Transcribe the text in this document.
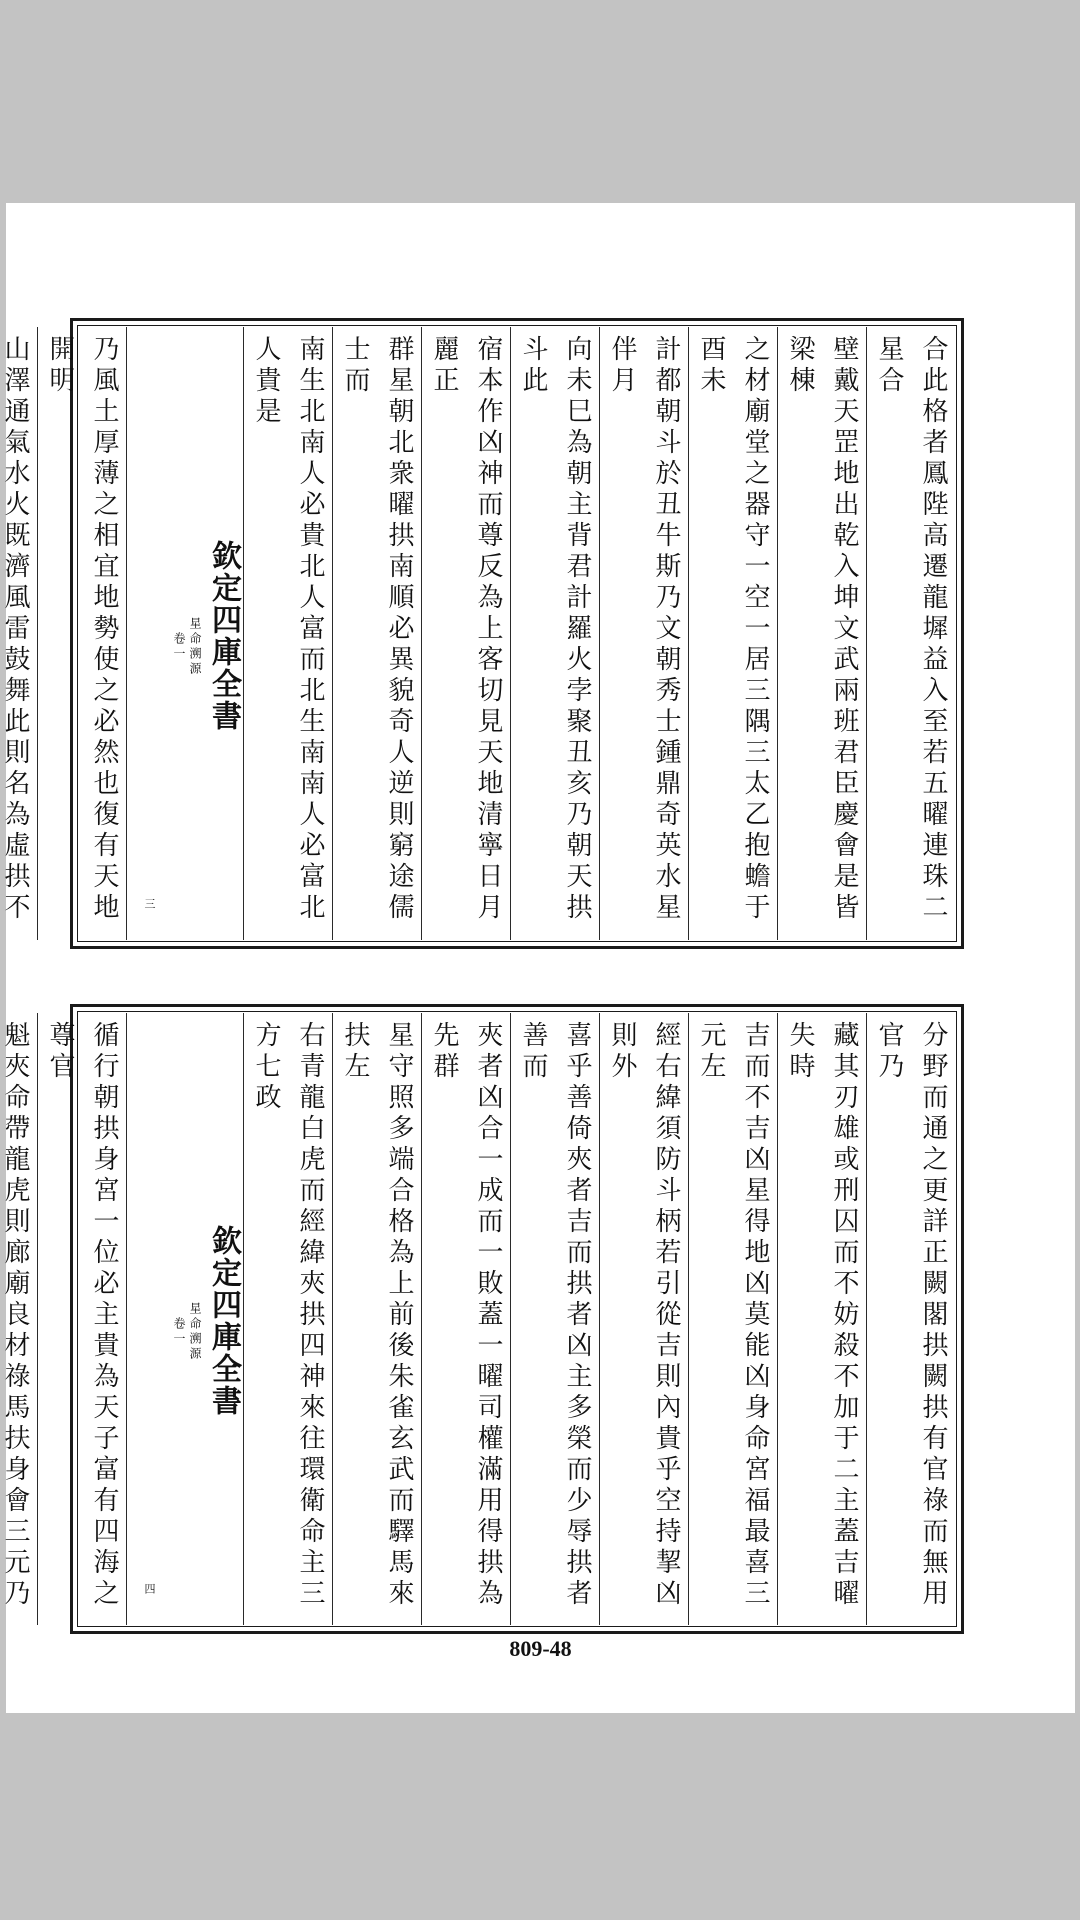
合此格者鳳陛高遷龍墀益入至若五曜連珠二星合
壁戴天罡地出乾入坤文武兩班君臣慶會是皆梁棟
之材廟堂之器守一空一居三隅三太乙抱蟾于酉未
計都朝斗於丑牛斯乃文朝秀士鍾鼎奇英水星伴月
向未巳為朝主背君計羅火孛聚丑亥乃朝天拱斗此
宿本作凶神而尊反為上客切見天地清寧日月麗正
群星朝北衆曜拱南順必異貌奇人逆則窮途儒士而
南生北南人必貴北人富而北生南南人必富北人貴是
欽定四庫全書
星命溯源
卷一
三
乃風土厚薄之相宜地勢使之必然也復有天地開明
山澤通氣水火既濟風雷鼓舞此則名為虛拱不
分野而通之更詳正闕閣拱闕拱有官祿而無用官乃
藏其刃雄或刑囚而不妨殺不加于二主蓋吉曜失時
吉而不吉凶星得地凶莫能凶身命宮福最喜三元左
經右緯須防斗柄若引從吉則內貴乎空持挈凶則外
喜乎善倚夾者吉而拱者凶主多榮而少辱拱者善而
夾者凶合一成而一敗蓋一曜司權滿用得拱為先群
星守照多端合格為上前後朱雀玄武而驛馬來扶左
右青龍白虎而經緯夾拱四神來往環衛命主三方七政
欽定四庫全書
星命溯源
卷一
四
循行朝拱身宮一位必主貴為天子富有四海之尊官
魁夾命帶龍虎則廊廟良材祿馬扶身會三元乃
809-48
